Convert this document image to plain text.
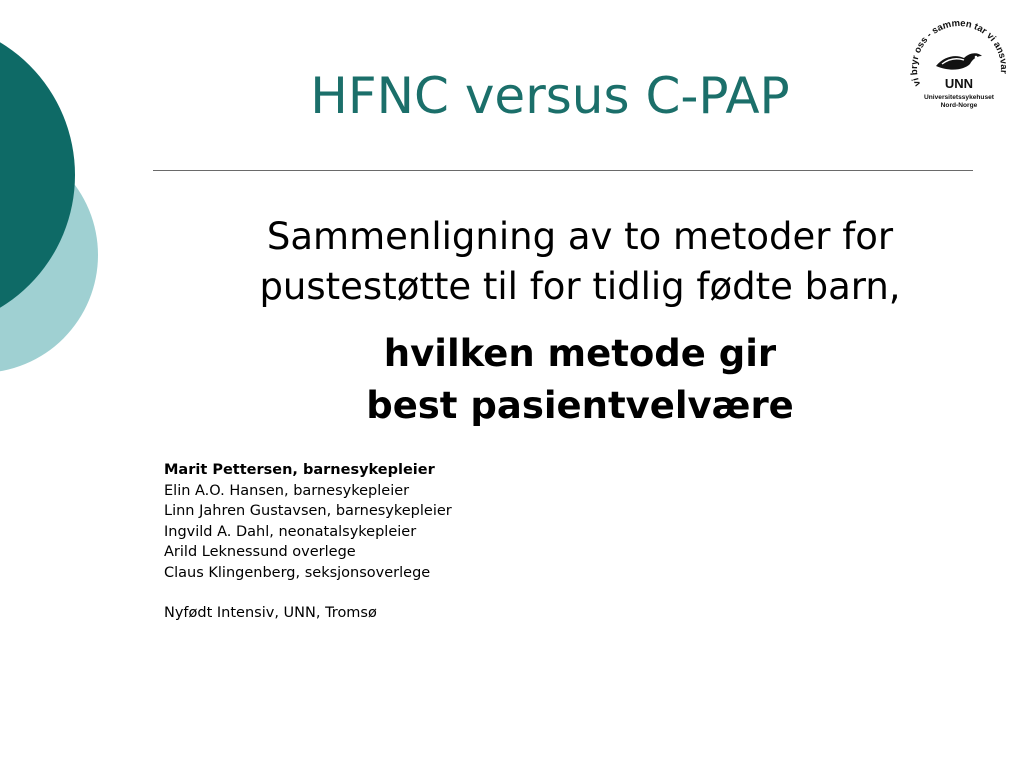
vi bryr oss - sammen tar vi ansvar
UNN
Universitetssykehuset
Nord-Norge
HFNC versus C-PAP
Sammenligning av to metoder for
pustestøtte til for tidlig fødte barn,
hvilken metode gir
best pasientvelvære
Marit Pettersen, barnesykepleier
Elin A.O. Hansen, barnesykepleier
Linn Jahren Gustavsen, barnesykepleier
Ingvild A. Dahl, neonatalsykepleier
Arild Leknessund overlege
Claus Klingenberg, seksjonsoverlege
Nyfødt Intensiv, UNN, Tromsø
